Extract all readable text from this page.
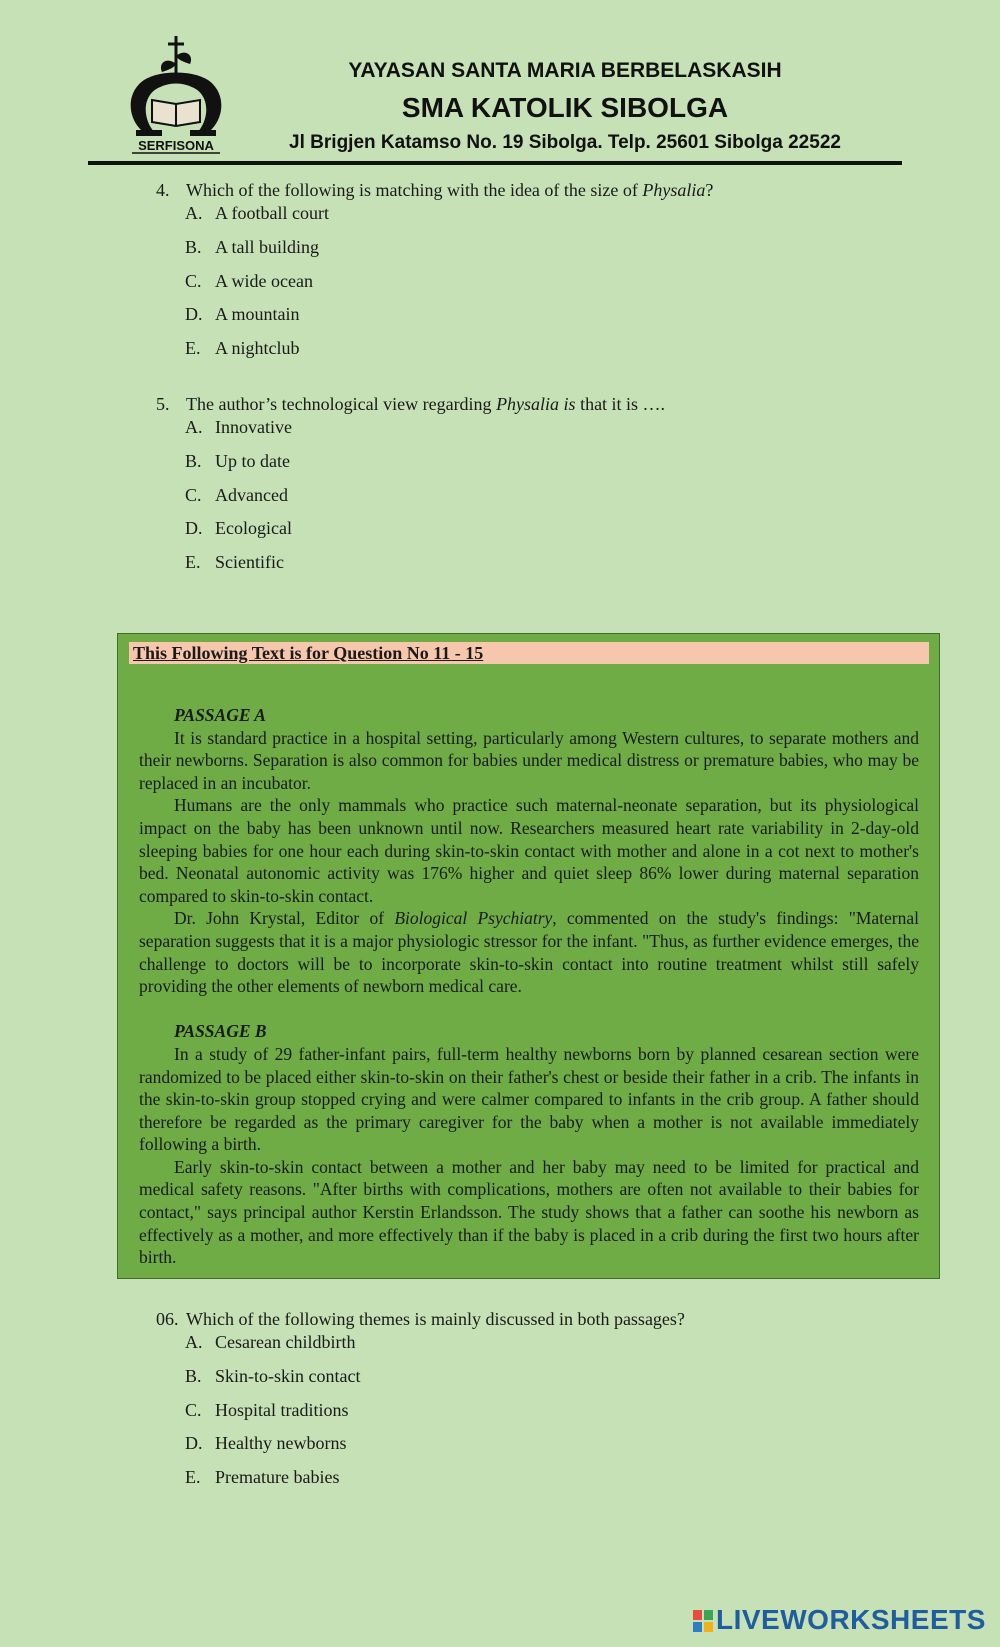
SERFISONA
YAYASAN SANTA MARIA BERBELASKASIH
SMA KATOLIK SIBOLGA
Jl Brigjen Katamso No. 19 Sibolga. Telp. 25601 Sibolga 22522
4. Which of the following is matching with the idea of the size of Physalia?
A. A football court
B. A tall building
C. A wide ocean
D. A mountain
E. A nightclub
5. The author’s technological view regarding Physalia is that it is ….
A. Innovative
B. Up to date
C. Advanced
D. Ecological
E. Scientific
This Following Text is for Question No 11 - 15
PASSAGE A

It is standard practice in a hospital setting, particularly among Western cultures, to separate mothers and their newborns. Separation is also common for babies under medical distress or premature babies, who may be replaced in an incubator.

Humans are the only mammals who practice such maternal-neonate separation, but its physiological impact on the baby has been unknown until now. Researchers measured heart rate variability in 2-day-old sleeping babies for one hour each during skin-to-skin contact with mother and alone in a cot next to mother's bed. Neonatal autonomic activity was 176% higher and quiet sleep 86% lower during maternal separation compared to skin-to-skin contact.

Dr. John Krystal, Editor of Biological Psychiatry, commented on the study's findings: "Maternal separation suggests that it is a major physiologic stressor for the infant. "Thus, as further evidence emerges, the challenge to doctors will be to incorporate skin-to-skin contact into routine treatment whilst still safely providing the other elements of newborn medical care.

PASSAGE B

In a study of 29 father-infant pairs, full-term healthy newborns born by planned cesarean section were randomized to be placed either skin-to-skin on their father's chest or beside their father in a crib. The infants in the skin-to-skin group stopped crying and were calmer compared to infants in the crib group. A father should therefore be regarded as the primary caregiver for the baby when a mother is not available immediately following a birth.

Early skin-to-skin contact between a mother and her baby may need to be limited for practical and medical safety reasons. "After births with complications, mothers are often not available to their babies for contact," says principal author Kerstin Erlandsson. The study shows that a father can soothe his newborn as effectively as a mother, and more effectively than if the baby is placed in a crib during the first two hours after birth.

06. Which of the following themes is mainly discussed in both passages?
A. Cesarean childbirth
B. Skin-to-skin contact
C. Hospital traditions
D. Healthy newborns
E. Premature babies
LIVEWORKSHEETS
